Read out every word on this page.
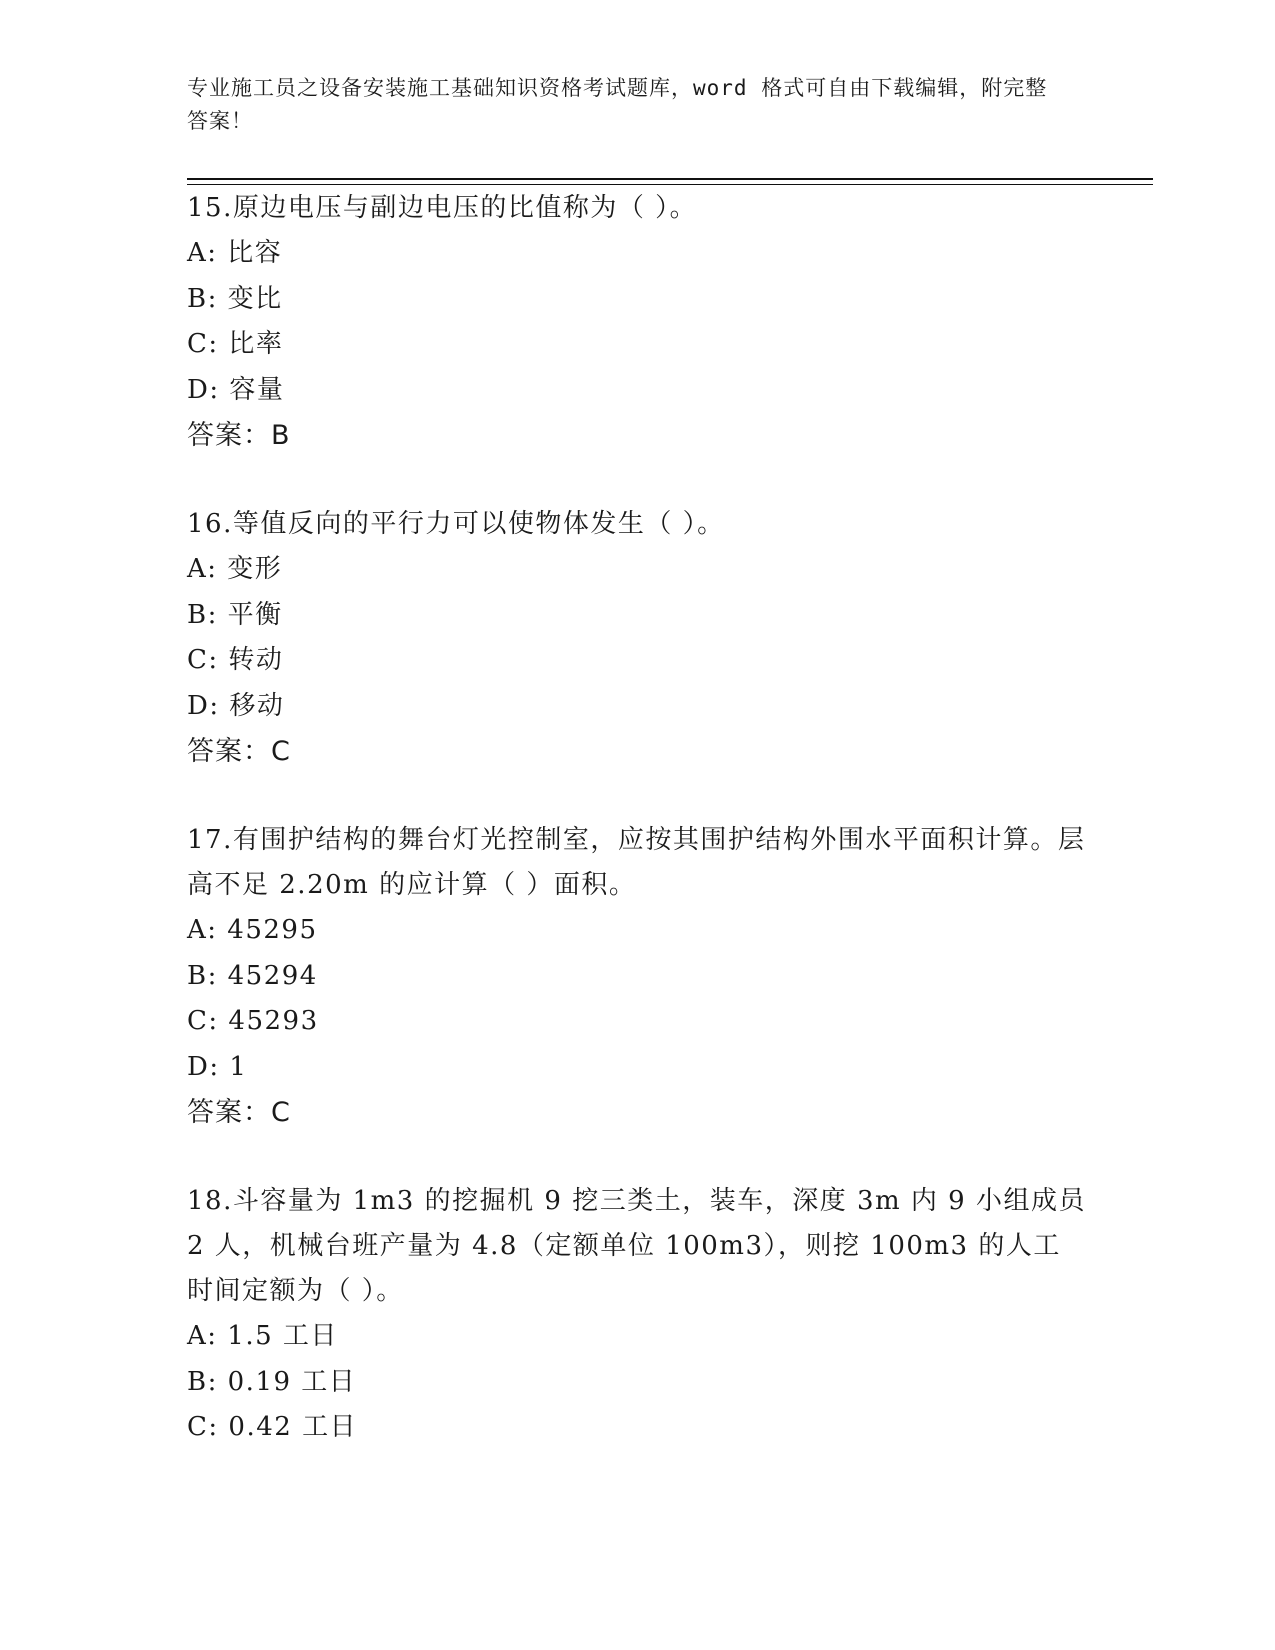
专业施工员之设备安装施工基础知识资格考试题库，word 格式可自由下载编辑，附完整答案！
15.原边电压与副边电压的比值称为（ ）。
A: 比容
B: 变比
C: 比率
D: 容量
答案：B
16.等值反向的平行力可以使物体发生（ ）。
A: 变形
B: 平衡
C: 转动
D: 移动
答案：C
17.有围护结构的舞台灯光控制室，应按其围护结构外围水平面积计算。层高不足 2.20m 的应计算（ ）面积。
A: 45295
B: 45294
C: 45293
D: 1
答案：C
18.斗容量为 1m3 的挖掘机 9 挖三类土，装车，深度 3m 内 9 小组成员 2 人，机械台班产量为 4.8（定额单位 100m3），则挖 100m3 的人工时间定额为（ ）。
A: 1.5 工日
B: 0.19 工日
C: 0.42 工日
